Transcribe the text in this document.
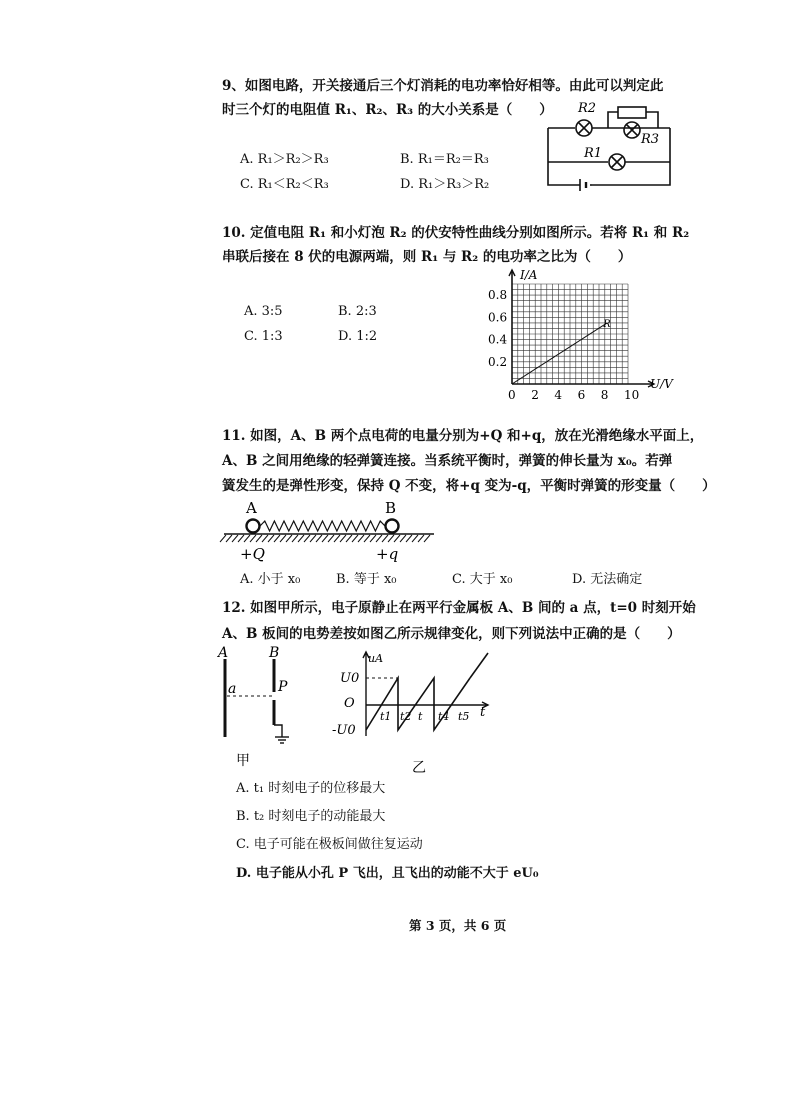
9、如图电路，开关接通后三个灯消耗的电功率恰好相等。由此可以判定此
时三个灯的电阻值 R₁、R₂、R₃ 的大小关系是（　　）
A. R₁＞R₂＞R₃	B. R₁＝R₂＝R₃
C. R₁＜R₂＜R₃	D. R₁＞R₃＞R₂
R2
R3
R1
10. 定值电阻 R₁ 和小灯泡 R₂ 的伏安特性曲线分别如图所示。若将 R₁ 和 R₂
串联后接在 8 伏的电源两端，则 R₁ 与 R₂ 的电功率之比为（　　）
A. 3:5	B. 2:3
C. 1:3	D. 1:2
I/A
U/V
0 2 4 6 8 10
0.2
0.4
0.6
0.8
R
11. 如图，A、B 两个点电荷的电量分别为+Q 和+q，放在光滑绝缘水平面上，
A、B 之间用绝缘的轻弹簧连接。当系统平衡时，弹簧的伸长量为 x₀。若弹
簧发生的是弹性形变，保持 Q 不变，将+q 变为-q，平衡时弹簧的形变量（　　）
A	B
+Q	+q
A. 小于 x₀	B. 等于 x₀	C. 大于 x₀	D. 无法确定
12. 如图甲所示，电子原静止在两平行金属板 A、B 间的 a 点，t=0 时刻开始
A、B 板间的电势差按如图乙所示规律变化，则下列说法中正确的是（　　）
A	B
a	P
甲
uA
U0
O
-U0
t1 t2 t t4 t5 t
乙
A. t₁ 时刻电子的位移最大
B. t₂ 时刻电子的动能最大
C. 电子可能在极板间做往复运动
D. 电子能从小孔 P 飞出，且飞出的动能不大于 eU₀
第 3 页，共 6 页
